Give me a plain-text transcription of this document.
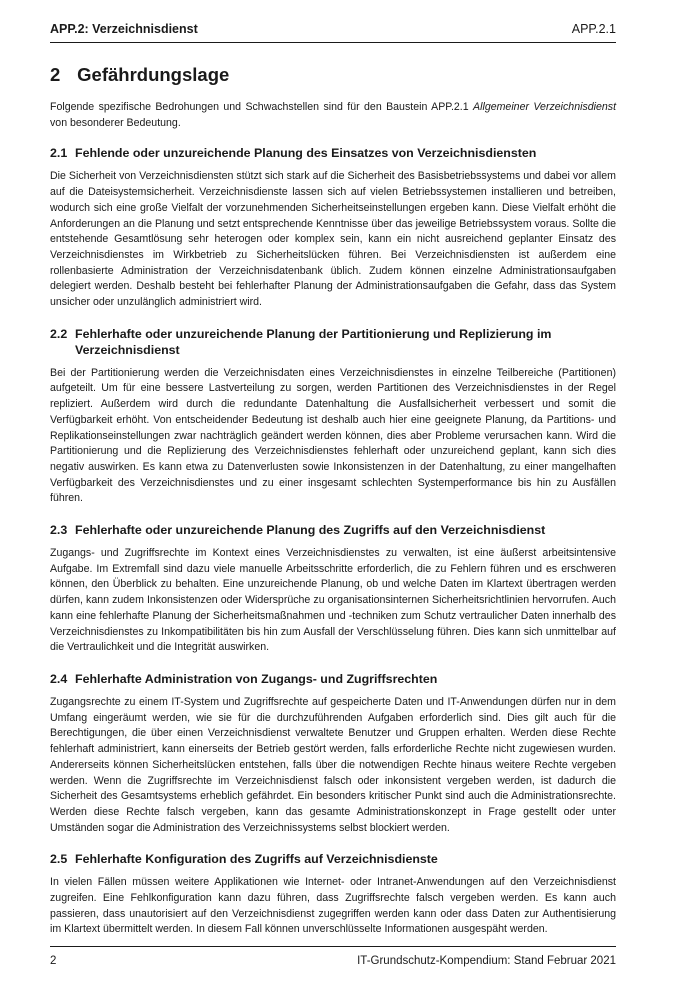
APP.2: Verzeichnisdienst	APP.2.1
2 Gefährdungslage

Folgende spezifische Bedrohungen und Schwachstellen sind für den Baustein APP.2.1 Allgemeiner Verzeichnisdienst von besonderer Bedeutung.

2.1 Fehlende oder unzureichende Planung des Einsatzes von Verzeichnisdiensten

Die Sicherheit von Verzeichnisdiensten stützt sich stark auf die Sicherheit des Basisbetriebssystems und dabei vor allem auf die Dateisystemsicherheit. Verzeichnisdienste lassen sich auf vielen Betriebssystemen installieren und betreiben, wodurch sich eine große Vielfalt der vorzunehmenden Sicherheitseinstellungen ergeben kann. Diese Vielfalt erhöht die Anforderungen an die Planung und setzt entsprechende Kenntnisse über das jeweilige Betriebssystem voraus. Sollte die entstehende Gesamtlösung sehr heterogen oder komplex sein, kann ein nicht ausreichend geplanter Einsatz des Verzeichnisdienstes im Wirkbetrieb zu Sicherheitslücken führen. Bei Verzeichnisdiensten ist außerdem eine rollenbasierte Administration der Verzeichnisdatenbank üblich. Zudem können einzelne Administrationsaufgaben delegiert werden. Deshalb besteht bei fehlerhafter Planung der Administrationsaufgaben die Gefahr, dass das System unsicher oder unzulänglich administriert wird.

2.2 Fehlerhafte oder unzureichende Planung der Partitionierung und Replizierung im Verzeichnisdienst

Bei der Partitionierung werden die Verzeichnisdaten eines Verzeichnisdienstes in einzelne Teilbereiche (Partitionen) aufgeteilt. Um für eine bessere Lastverteilung zu sorgen, werden Partitionen des Verzeichnisdienstes in der Regel repliziert. Außerdem wird durch die redundante Datenhaltung die Ausfallsicherheit verbessert und somit die Verfügbarkeit erhöht. Von entscheidender Bedeutung ist deshalb auch hier eine geeignete Planung, da Partitions- und Replikationseinstellungen zwar nachträglich geändert werden können, dies aber Probleme verursachen kann. Wird die Partitionierung und die Replizierung des Verzeichnisdienstes fehlerhaft oder unzureichend geplant, kann sich dies negativ auswirken. Es kann etwa zu Datenverlusten sowie Inkonsistenzen in der Datenhaltung, zu einer mangelhaften Verfügbarkeit des Verzeichnisdienstes und zu einer insgesamt schlechten Systemperformance bis hin zu Ausfällen führen.

2.3 Fehlerhafte oder unzureichende Planung des Zugriffs auf den Verzeichnisdienst

Zugangs- und Zugriffsrechte im Kontext eines Verzeichnisdienstes zu verwalten, ist eine äußerst arbeitsintensive Aufgabe. Im Extremfall sind dazu viele manuelle Arbeitsschritte erforderlich, die zu Fehlern führen und es erschweren können, den Überblick zu behalten. Eine unzureichende Planung, ob und welche Daten im Klartext übertragen werden dürfen, kann zudem Inkonsistenzen oder Widersprüche zu organisationsinternen Sicherheitsrichtlinien hervorrufen. Auch kann eine fehlerhafte Planung der Sicherheitsmaßnahmen und -techniken zum Schutz vertraulicher Daten innerhalb des Verzeichnisdienstes zu Inkompatibilitäten bis hin zum Ausfall der Verschlüsselung führen. Dies kann sich unmittelbar auf die Vertraulichkeit und die Integrität auswirken.

2.4 Fehlerhafte Administration von Zugangs- und Zugriffsrechten

Zugangsrechte zu einem IT-System und Zugriffsrechte auf gespeicherte Daten und IT-Anwendungen dürfen nur in dem Umfang eingeräumt werden, wie sie für die durchzuführenden Aufgaben erforderlich sind. Dies gilt auch für die Berechtigungen, die über einen Verzeichnisdienst verwaltete Benutzer und Gruppen erhalten. Werden diese Rechte fehlerhaft administriert, kann einerseits der Betrieb gestört werden, falls erforderliche Rechte nicht zugewiesen wurden. Andererseits können Sicherheitslücken entstehen, falls über die notwendigen Rechte hinaus weitere Rechte vergeben werden. Wenn die Zugriffsrechte im Verzeichnisdienst falsch oder inkonsistent vergeben werden, ist dadurch die Sicherheit des Gesamtsystems erheblich gefährdet. Ein besonders kritischer Punkt sind auch die Administrationsrechte. Werden diese Rechte falsch vergeben, kann das gesamte Administrationskonzept in Frage gestellt oder unter Umständen sogar die Administration des Verzeichnissystems selbst blockiert werden.

2.5 Fehlerhafte Konfiguration des Zugriffs auf Verzeichnisdienste

In vielen Fällen müssen weitere Applikationen wie Internet- oder Intranet-Anwendungen auf den Verzeichnisdienst zugreifen. Eine Fehlkonfiguration kann dazu führen, dass Zugriffsrechte falsch vergeben werden. Es kann auch passieren, dass unautorisiert auf den Verzeichnisdienst zugegriffen werden kann oder dass Daten zur Authentisierung im Klartext übermittelt werden. In diesem Fall können unverschlüsselte Informationen ausgespäht werden.

2	IT-Grundschutz-Kompendium: Stand Februar 2021
